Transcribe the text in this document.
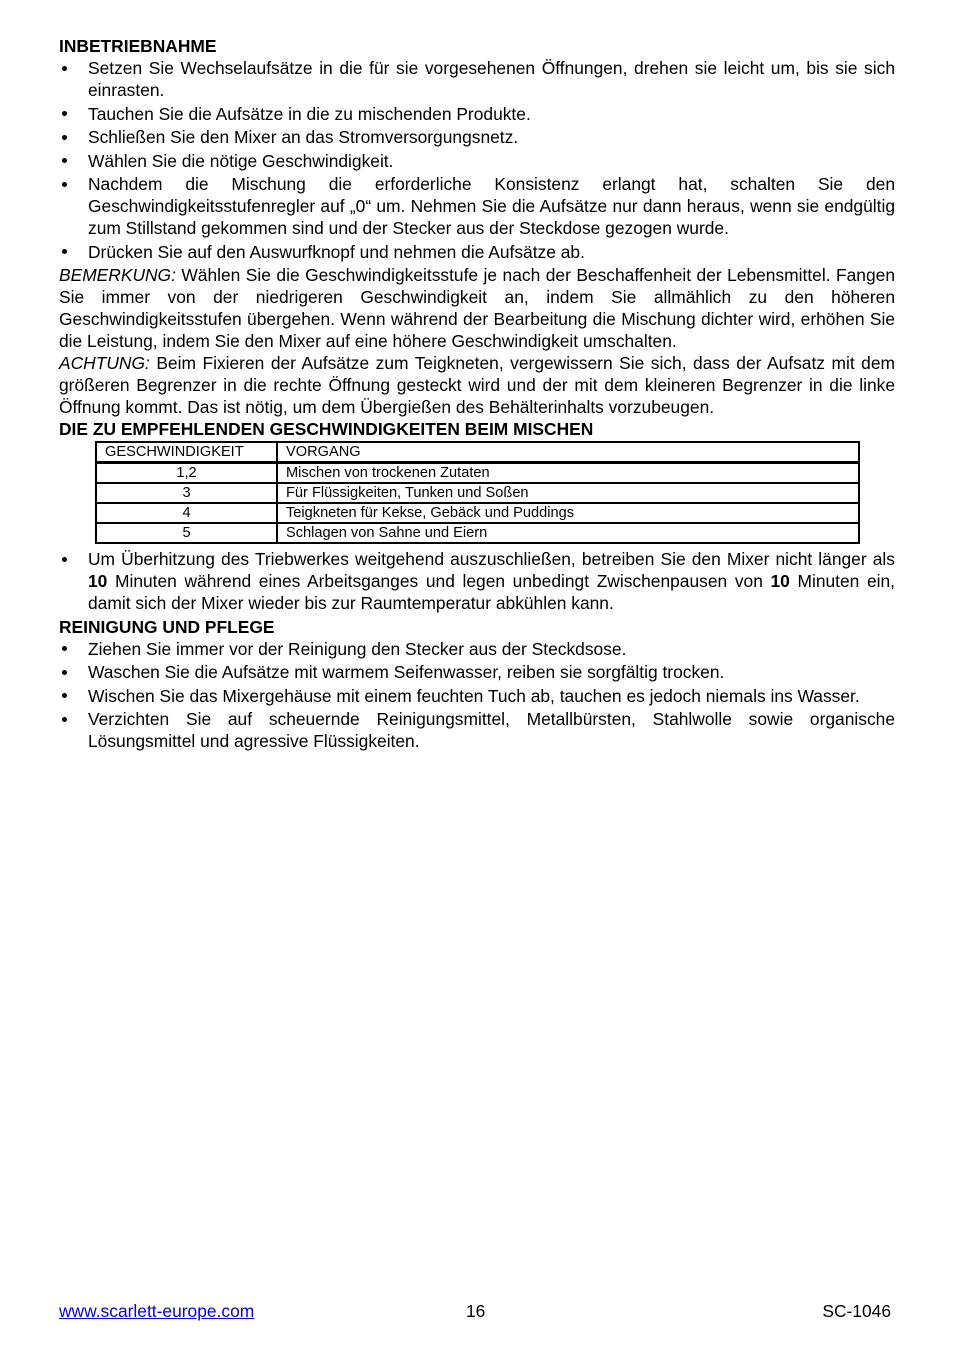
INBETRIEBNAHME
Setzen Sie Wechselaufsätze in die für sie vorgesehenen Öffnungen, drehen sie leicht um, bis sie sich einrasten.
Tauchen Sie die Aufsätze in die zu mischenden Produkte.
Schließen Sie den Mixer an das Stromversorgungsnetz.
Wählen Sie die nötige Geschwindigkeit.
Nachdem die Mischung die erforderliche Konsistenz erlangt hat, schalten Sie den Geschwindigkeitsstufenregler auf „0“ um. Nehmen Sie die Aufsätze nur dann heraus, wenn sie endgültig zum Stillstand gekommen sind und der Stecker aus der Steckdose gezogen wurde.
Drücken Sie auf den Auswurfknopf und nehmen die Aufsätze ab.

BEMERKUNG: Wählen Sie die Geschwindigkeitsstufe je nach der Beschaffenheit der Lebensmittel. Fangen Sie immer von der niedrigeren Geschwindigkeit an, indem Sie allmählich zu den höheren Geschwindigkeitsstufen übergehen. Wenn während der Bearbeitung die Mischung dichter wird, erhöhen Sie die Leistung, indem Sie den Mixer auf eine höhere Geschwindigkeit umschalten.

ACHTUNG: Beim Fixieren der Aufsätze zum Teigkneten, vergewissern Sie sich, dass der Aufsatz mit dem größeren Begrenzer in die rechte Öffnung gesteckt wird und der mit dem kleineren Begrenzer in die linke Öffnung kommt. Das ist nötig, um dem Übergießen des Behälterinhalts vorzubeugen.

DIE ZU EMPFEHLENDEN GESCHWINDIGKEITEN BEIM MISCHEN
GESCHWINDIGKEIT	VORGANG
1,2	Mischen von trockenen Zutaten
3	Für Flüssigkeiten, Tunken und Soßen
4	Teigkneten für Kekse, Gebäck und Puddings
5	Schlagen von Sahne und Eiern
Um Überhitzung des Triebwerkes weitgehend auszuschließen, betreiben Sie den Mixer nicht länger als 10 Minuten während eines Arbeitsganges und legen unbedingt Zwischenpausen von 10 Minuten ein, damit sich der Mixer wieder bis zur Raumtemperatur abkühlen kann.
REINIGUNG UND PFLEGE
Ziehen Sie immer vor der Reinigung den Stecker aus der Steckdsose.
Waschen Sie die Aufsätze mit warmem Seifenwasser, reiben sie sorgfältig trocken.
Wischen Sie das Mixergehäuse mit einem feuchten Tuch ab, tauchen es jedoch niemals ins Wasser.
Verzichten Sie auf scheuernde Reinigungsmittel, Metallbürsten, Stahlwolle sowie organische Lösungsmittel und agressive Flüssigkeiten.
www.scarlett-europe.com	16	SC-1046
